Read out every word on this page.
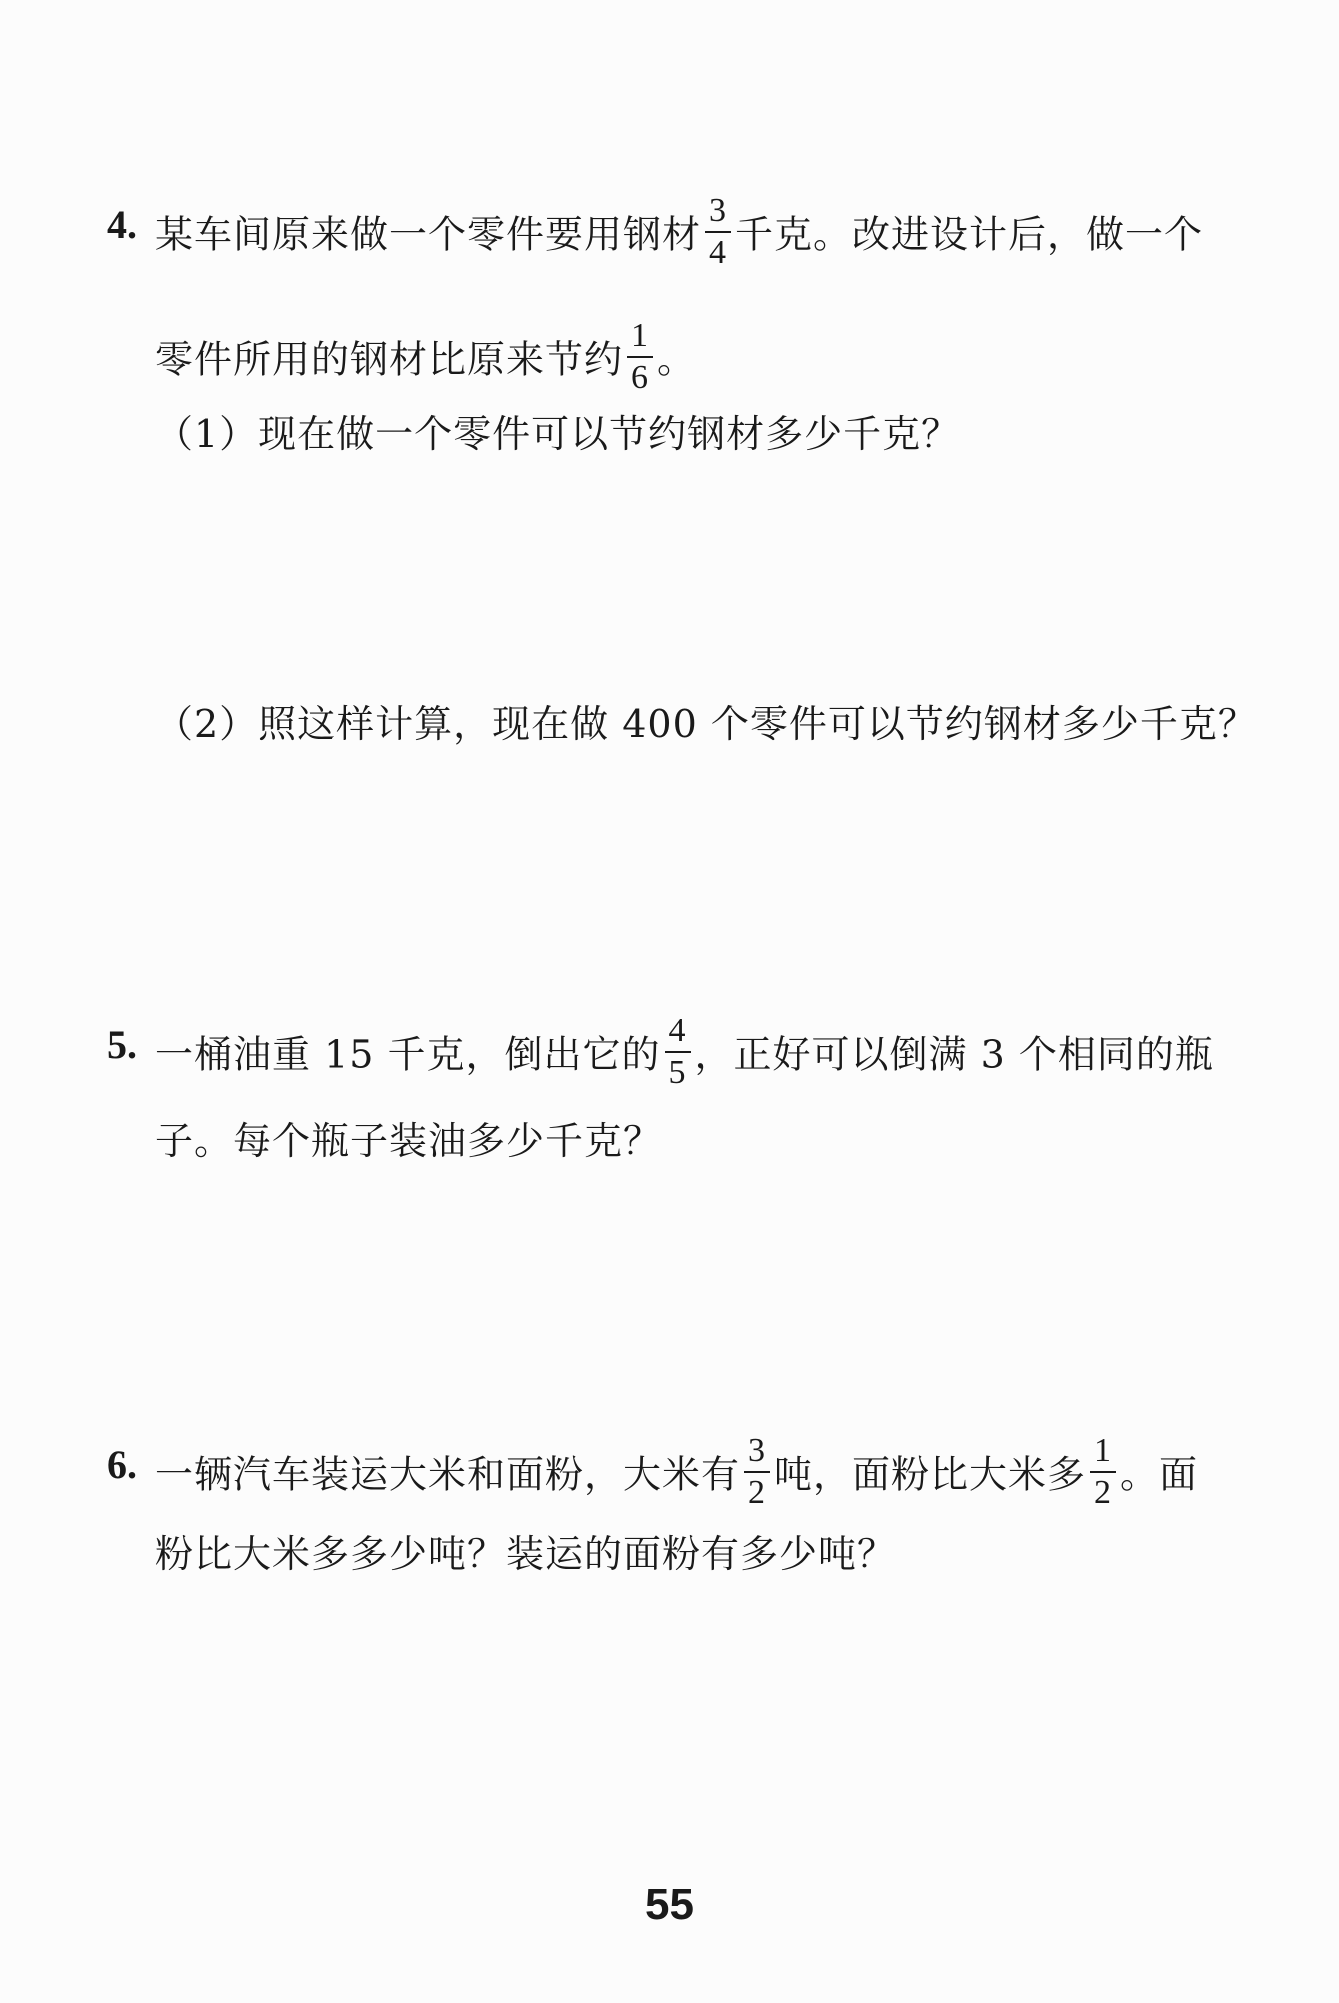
4. 某车间原来做一个零件要用钢材 $\frac{3}{4}$ 千克。改进设计后，做一个
零件所用的钢材比原来节约 $\frac{1}{6}$ 。
（1）现在做一个零件可以节约钢材多少千克？
（2）照这样计算，现在做 400 个零件可以节约钢材多少千克？
5. 一桶油重 15 千克，倒出它的 $\frac{4}{5}$ ，正好可以倒满 3 个相同的瓶
子。每个瓶子装油多少千克？
6. 一辆汽车装运大米和面粉，大米有 $\frac{3}{2}$ 吨，面粉比大米多 $\frac{1}{2}$ 。面
粉比大米多多少吨？装运的面粉有多少吨？
55
